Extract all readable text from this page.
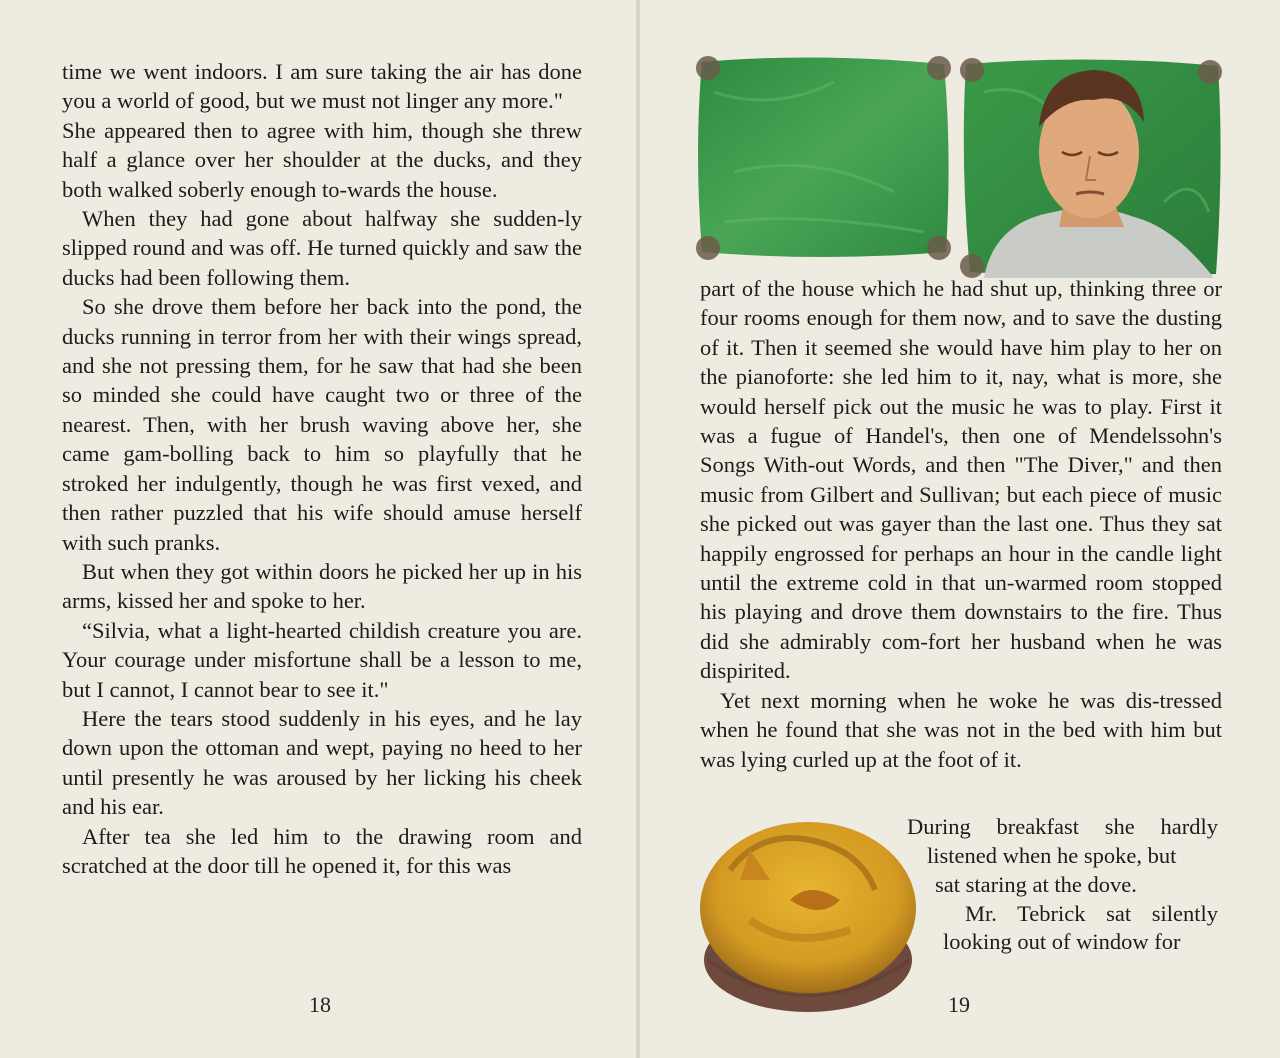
time we went indoors. I am sure taking the air has done you a world of good, but we must not linger any more."

She appeared then to agree with him, though she threw half a glance over her shoulder at the ducks, and they both walked soberly enough to-wards the house.

When they had gone about halfway she sudden-ly slipped round and was off. He turned quickly and saw the ducks had been following them.

So she drove them before her back into the pond, the ducks running in terror from her with their wings spread, and she not pressing them, for he saw that had she been so minded she could have caught two or three of the nearest. Then, with her brush waving above her, she came gam-bolling back to him so playfully that he stroked her indulgently, though he was first vexed, and then rather puzzled that his wife should amuse herself with such pranks.

But when they got within doors he picked her up in his arms, kissed her and spoke to her.

“Silvia, what a light-hearted childish creature you are. Your courage under misfortune shall be a lesson to me, but I cannot, I cannot bear to see it."

Here the tears stood suddenly in his eyes, and he lay down upon the ottoman and wept, paying no heed to her until presently he was aroused by her licking his cheek and his ear.

After tea she led him to the drawing room and scratched at the door till he opened it, for this was

18

part of the house which he had shut up, thinking three or four rooms enough for them now, and to save the dusting of it. Then it seemed she would have him play to her on the pianoforte: she led him to it, nay, what is more, she would herself pick out the music he was to play. First it was a fugue of Handel's, then one of Mendelssohn's Songs With-out Words, and then "The Diver," and then music from Gilbert and Sullivan; but each piece of music she picked out was gayer than the last one. Thus they sat happily engrossed for perhaps an hour in the candle light until the extreme cold in that un-warmed room stopped his playing and drove them downstairs to the fire. Thus did she admirably com-fort her husband when he was dispirited.

Yet next morning when he woke he was dis-tressed when he found that she was not in the bed with him but was lying curled up at the foot of it.

During breakfast she hardly
listened when he spoke, but
sat staring at the dove.
Mr. Tebrick sat silently
looking out of window for
19
